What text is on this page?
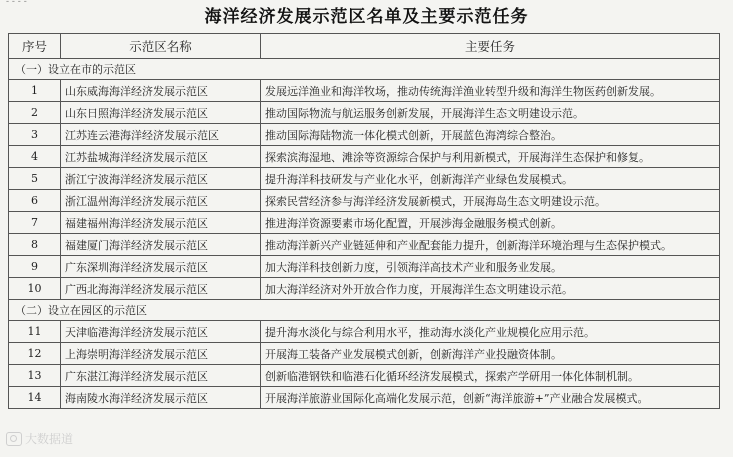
- - - -
海洋经济发展示范区名单及主要示范任务
序号	示范区名称	主要任务
（一）设立在市的示范区		
1	山东威海海洋经济发展示范区	发展远洋渔业和海洋牧场，推动传统海洋渔业转型升级和海洋生物医药创新发展。
2	山东日照海洋经济发展示范区	推动国际物流与航运服务创新发展，开展海洋生态文明建设示范。
3	江苏连云港海洋经济发展示范区	推动国际海陆物流一体化模式创新，开展蓝色海湾综合整治。
4	江苏盐城海洋经济发展示范区	探索滨海湿地、滩涂等资源综合保护与利用新模式，开展海洋生态保护和修复。
5	浙江宁波海洋经济发展示范区	提升海洋科技研发与产业化水平，创新海洋产业绿色发展模式。
6	浙江温州海洋经济发展示范区	探索民营经济参与海洋经济发展新模式，开展海岛生态文明建设示范。
7	福建福州海洋经济发展示范区	推进海洋资源要素市场化配置，开展涉海金融服务模式创新。
8	福建厦门海洋经济发展示范区	推动海洋新兴产业链延伸和产业配套能力提升，创新海洋环境治理与生态保护模式。
9	广东深圳海洋经济发展示范区	加大海洋科技创新力度，引领海洋高技术产业和服务业发展。
10	广西北海海洋经济发展示范区	加大海洋经济对外开放合作力度，开展海洋生态文明建设示范。
（二）设立在园区的示范区		
11	天津临港海洋经济发展示范区	提升海水淡化与综合利用水平，推动海水淡化产业规模化应用示范。
12	上海崇明海洋经济发展示范区	开展海工装备产业发展模式创新，创新海洋产业投融资体制。
13	广东湛江海洋经济发展示范区	创新临港钢铁和临港石化循环经济发展模式，探索产学研用一体化体制机制。
14	海南陵水海洋经济发展示范区	开展海洋旅游业国际化高端化发展示范，创新“海洋旅游+”产业融合发展模式。
大数据道
